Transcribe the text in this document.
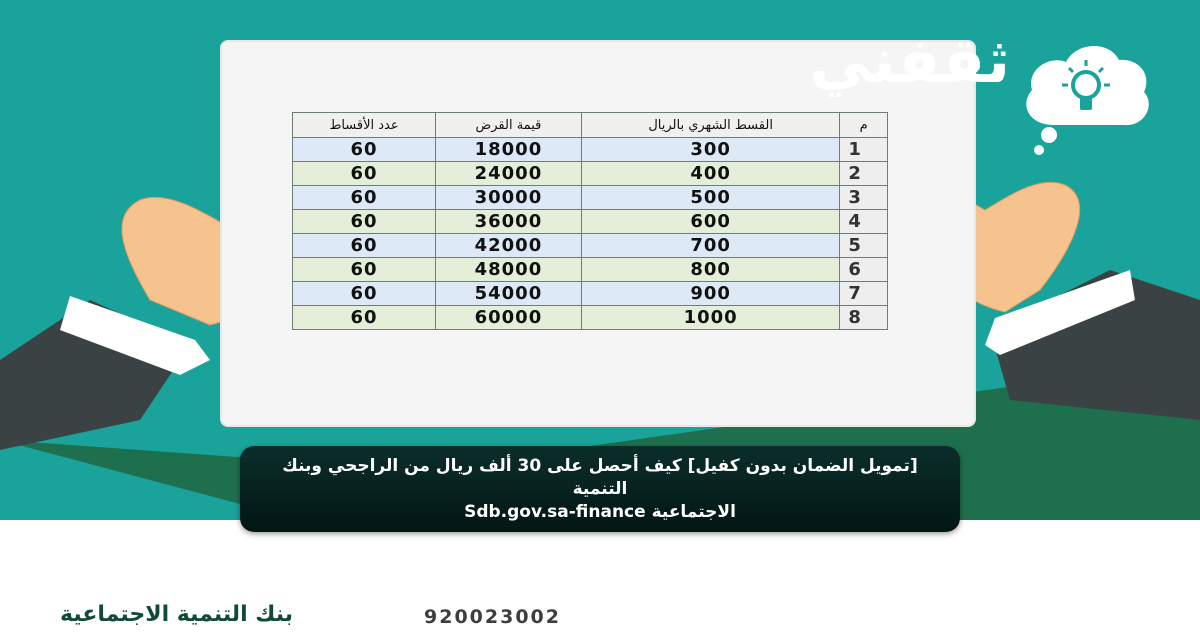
م	القسط الشهري بالريال	قيمة القرض	عدد الأقساط
1	300	18000	60
2	400	24000	60
3	500	30000	60
4	600	36000	60
5	700	42000	60
6	800	48000	60
7	900	54000	60
8	1000	60000	60
ثقفني

[تمويل الضمان بدون كفيل] كيف أحصل على 30 ألف ريال من الراجحي وبنك التنمية
الاجتماعية Sdb.gov.sa-finance

بنك التنمية الاجتماعية	920023002
